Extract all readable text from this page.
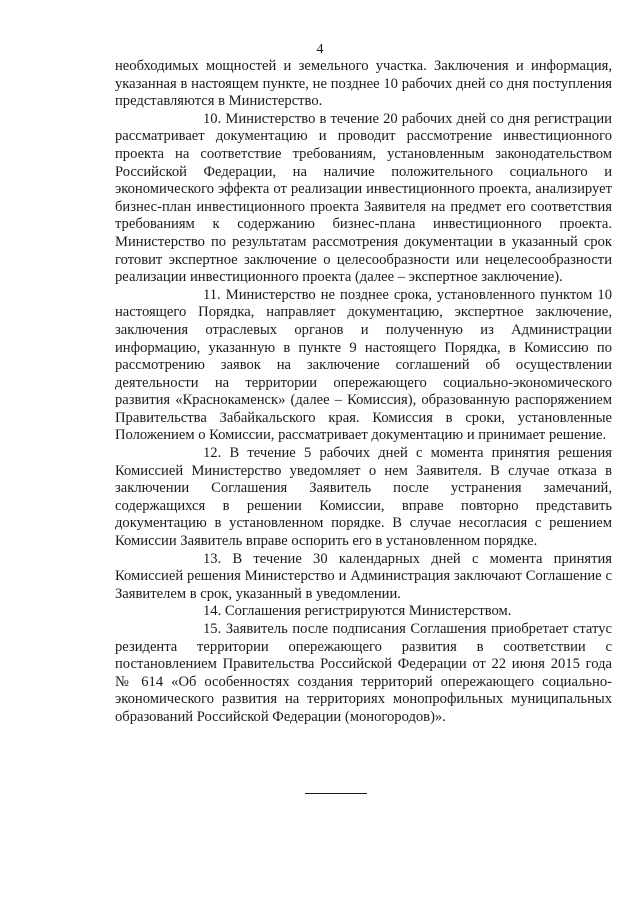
4

необходимых мощностей и земельного участка. Заключения и информация, указанная в настоящем пункте, не позднее 10 рабочих дней со дня поступления представляются в Министерство.

10. Министерство в течение 20 рабочих дней со дня регистрации рассматривает документацию и проводит рассмотрение инвестиционного проекта на соответствие требованиям, установленным законодательством Российской Федерации, на наличие положительного социального и экономического эффекта от реализации инвестиционного проекта, анализирует бизнес-план инвестиционного проекта Заявителя на предмет его соответствия требованиям к содержанию бизнес-плана инвестиционного проекта. Министерство по результатам рассмотрения документации в указанный срок готовит экспертное заключение о целесообразности или нецелесообразности реализации инвестиционного проекта (далее – экспертное заключение).

11. Министерство не позднее срока, установленного пунктом 10 настоящего Порядка, направляет документацию, экспертное заключение, заключения отраслевых органов и полученную из Администрации информацию, указанную в пункте 9 настоящего Порядка, в Комиссию по рассмотрению заявок на заключение соглашений об осуществлении деятельности на территории опережающего социально-экономического развития «Краснокаменск» (далее – Комиссия), образованную распоряжением Правительства Забайкальского края. Комиссия в сроки, установленные Положением о Комиссии, рассматривает документацию и принимает решение.

12. В течение 5 рабочих дней с момента принятия решения Комиссией Министерство уведомляет о нем Заявителя. В случае отказа в заключении Соглашения Заявитель после устранения замечаний, содержащихся в решении Комиссии, вправе повторно представить документацию в установленном порядке. В случае несогласия с решением Комиссии Заявитель вправе оспорить его в установленном порядке.

13. В течение 30 календарных дней с момента принятия Комиссией решения Министерство и Администрация заключают Соглашение с Заявителем в срок, указанный в уведомлении.

14. Соглашения регистрируются Министерством.

15. Заявитель после подписания Соглашения приобретает статус резидента территории опережающего развития в соответствии с постановлением Правительства Российской Федерации от 22 июня 2015 года № 614 «Об особенностях создания территорий опережающего социально-экономического развития на территориях монопрофильных муниципальных образований Российской Федерации (моногородов)».
